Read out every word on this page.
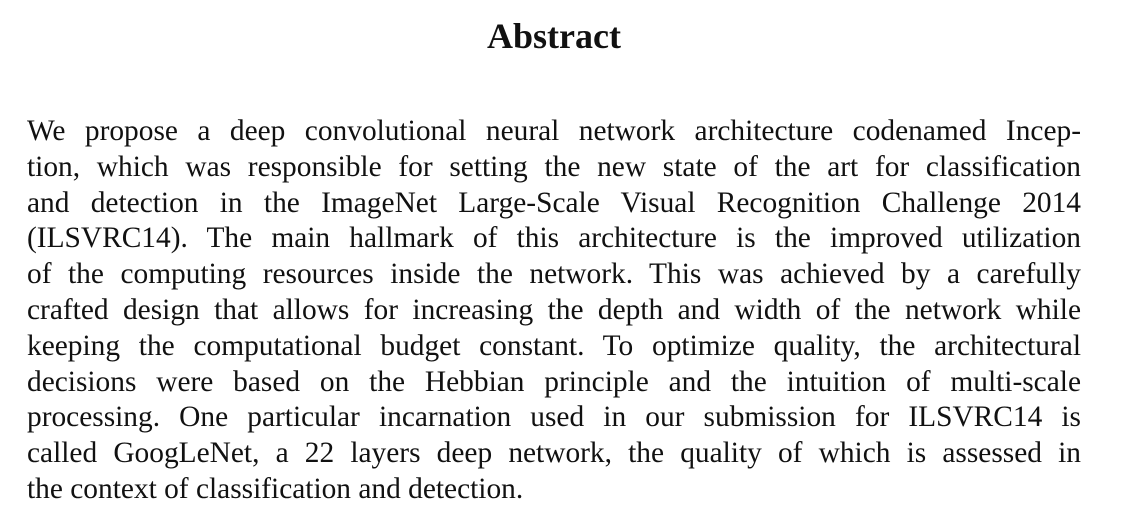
Abstract
We propose a deep convolutional neural network architecture codenamed Incep-
tion, which was responsible for setting the new state of the art for classification
and detection in the ImageNet Large-Scale Visual Recognition Challenge 2014
(ILSVRC14). The main hallmark of this architecture is the improved utilization
of the computing resources inside the network. This was achieved by a carefully
crafted design that allows for increasing the depth and width of the network while
keeping the computational budget constant. To optimize quality, the architectural
decisions were based on the Hebbian principle and the intuition of multi-scale
processing. One particular incarnation used in our submission for ILSVRC14 is
called GoogLeNet, a 22 layers deep network, the quality of which is assessed in
the context of classification and detection.
